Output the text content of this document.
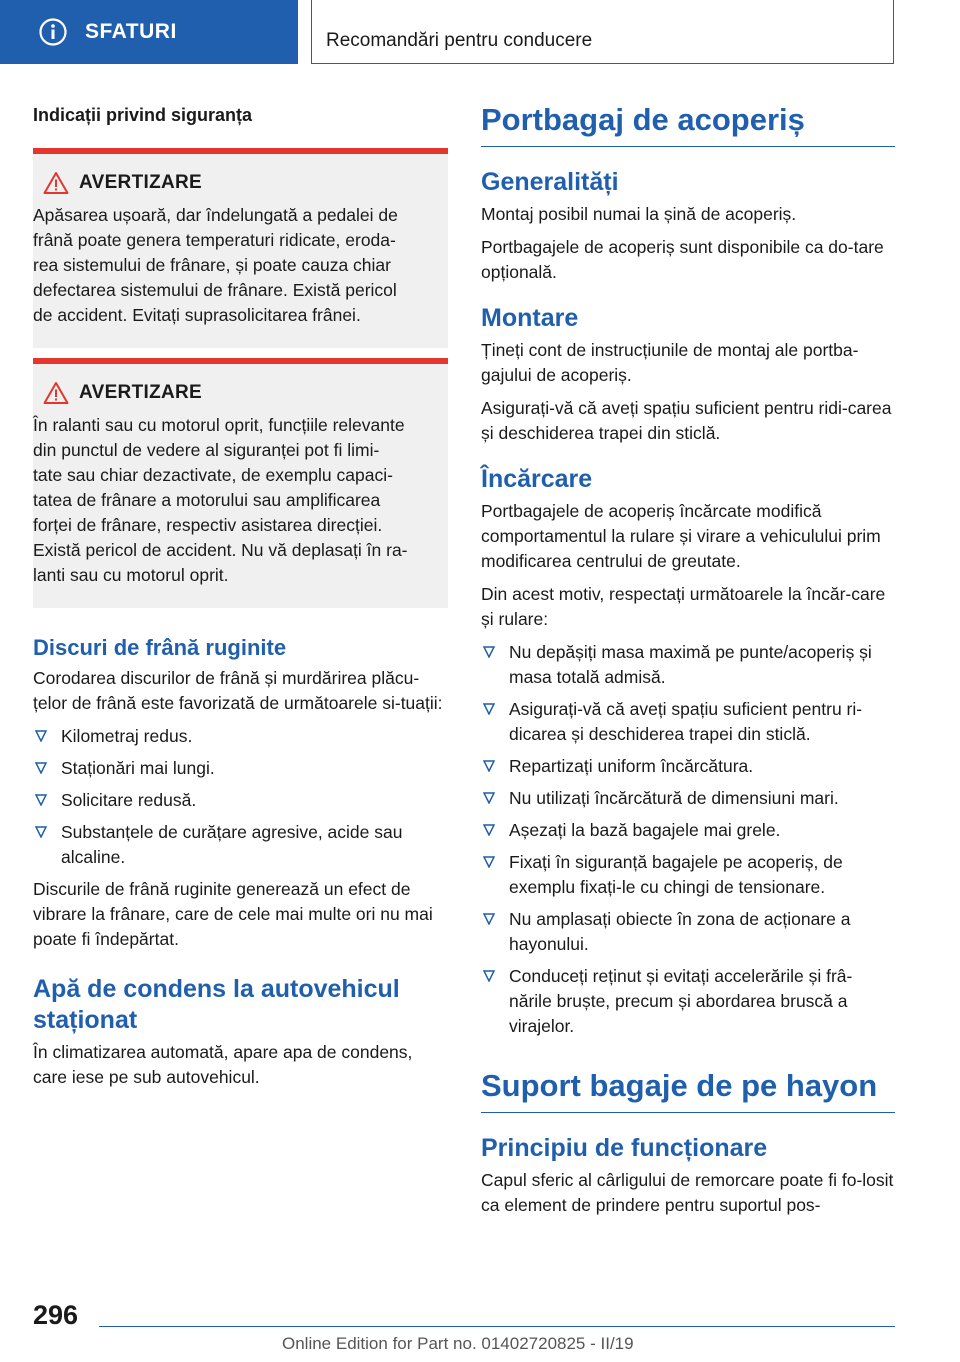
SFATURI	Recomandări pentru conducere
Indicații privind siguranța
AVERTIZARE

Apăsarea ușoară, dar îndelungată a pedalei de

frână poate genera temperaturi ridicate, eroda-

rea sistemului de frânare, și poate cauza chiar

defectarea sistemului de frânare. Există pericol

de accident. Evitați suprasolicitarea frânei.

AVERTIZARE

În ralanti sau cu motorul oprit, funcțiile relevante

din punctul de vedere al siguranței pot fi limi-

tate sau chiar dezactivate, de exemplu capaci-

tatea de frânare a motorului sau amplificarea

forței de frânare, respectiv asistarea direcției.

Există pericol de accident. Nu vă deplasați în ra-

lanti sau cu motorul oprit.

Discuri de frână ruginite

Corodarea discurilor de frână și murdărirea plăcu-țelor de frână este favorizată de următoarele si-tuații:

Kilometraj redus.
Staționări mai lungi.
Solicitare redusă.
Substanțele de curățare agresive, acide sau alcaline.

Discurile de frână ruginite generează un efect de vibrare la frânare, care de cele mai multe ori nu mai poate fi îndepărtat.

Apă de condens la autovehicul staționat

În climatizarea automată, apare apa de condens, care iese pe sub autovehicul.

Portbagaj de acoperiș
Generalități

Montaj posibil numai la șină de acoperiș.

Portbagajele de acoperiș sunt disponibile ca do-tare opțională.

Montare

Țineți cont de instrucțiunile de montaj ale portba-gajului de acoperiș.

Asigurați-vă că aveți spațiu suficient pentru ridi-carea și deschiderea trapei din sticlă.

Încărcare

Portbagajele de acoperiș încărcate modifică comportamentul la rulare și virare a vehiculului prim modificarea centrului de greutate.

Din acest motiv, respectați următoarele la încăr-care și rulare:

Nu depășiți masa maximă pe punte/acoperiș și masa totală admisă.
Asigurați-vă că aveți spațiu suficient pentru ri-dicarea și deschiderea trapei din sticlă.
Repartizați uniform încărcătura.
Nu utilizați încărcătură de dimensiuni mari.
Așezați la bază bagajele mai grele.
Fixați în siguranță bagajele pe acoperiș, de exemplu fixați-le cu chingi de tensionare.
Nu amplasați obiecte în zona de acționare a hayonului.
Conduceți reținut și evitați accelerările și frâ-nările bruște, precum și abordarea bruscă a virajelor.
Suport bagaje de pe hayon
Principiu de funcționare

Capul sferic al cârligului de remorcare poate fi fo-losit ca element de prindere pentru suportul pos-

296
Online Edition for Part no. 01402720825 - II/19
